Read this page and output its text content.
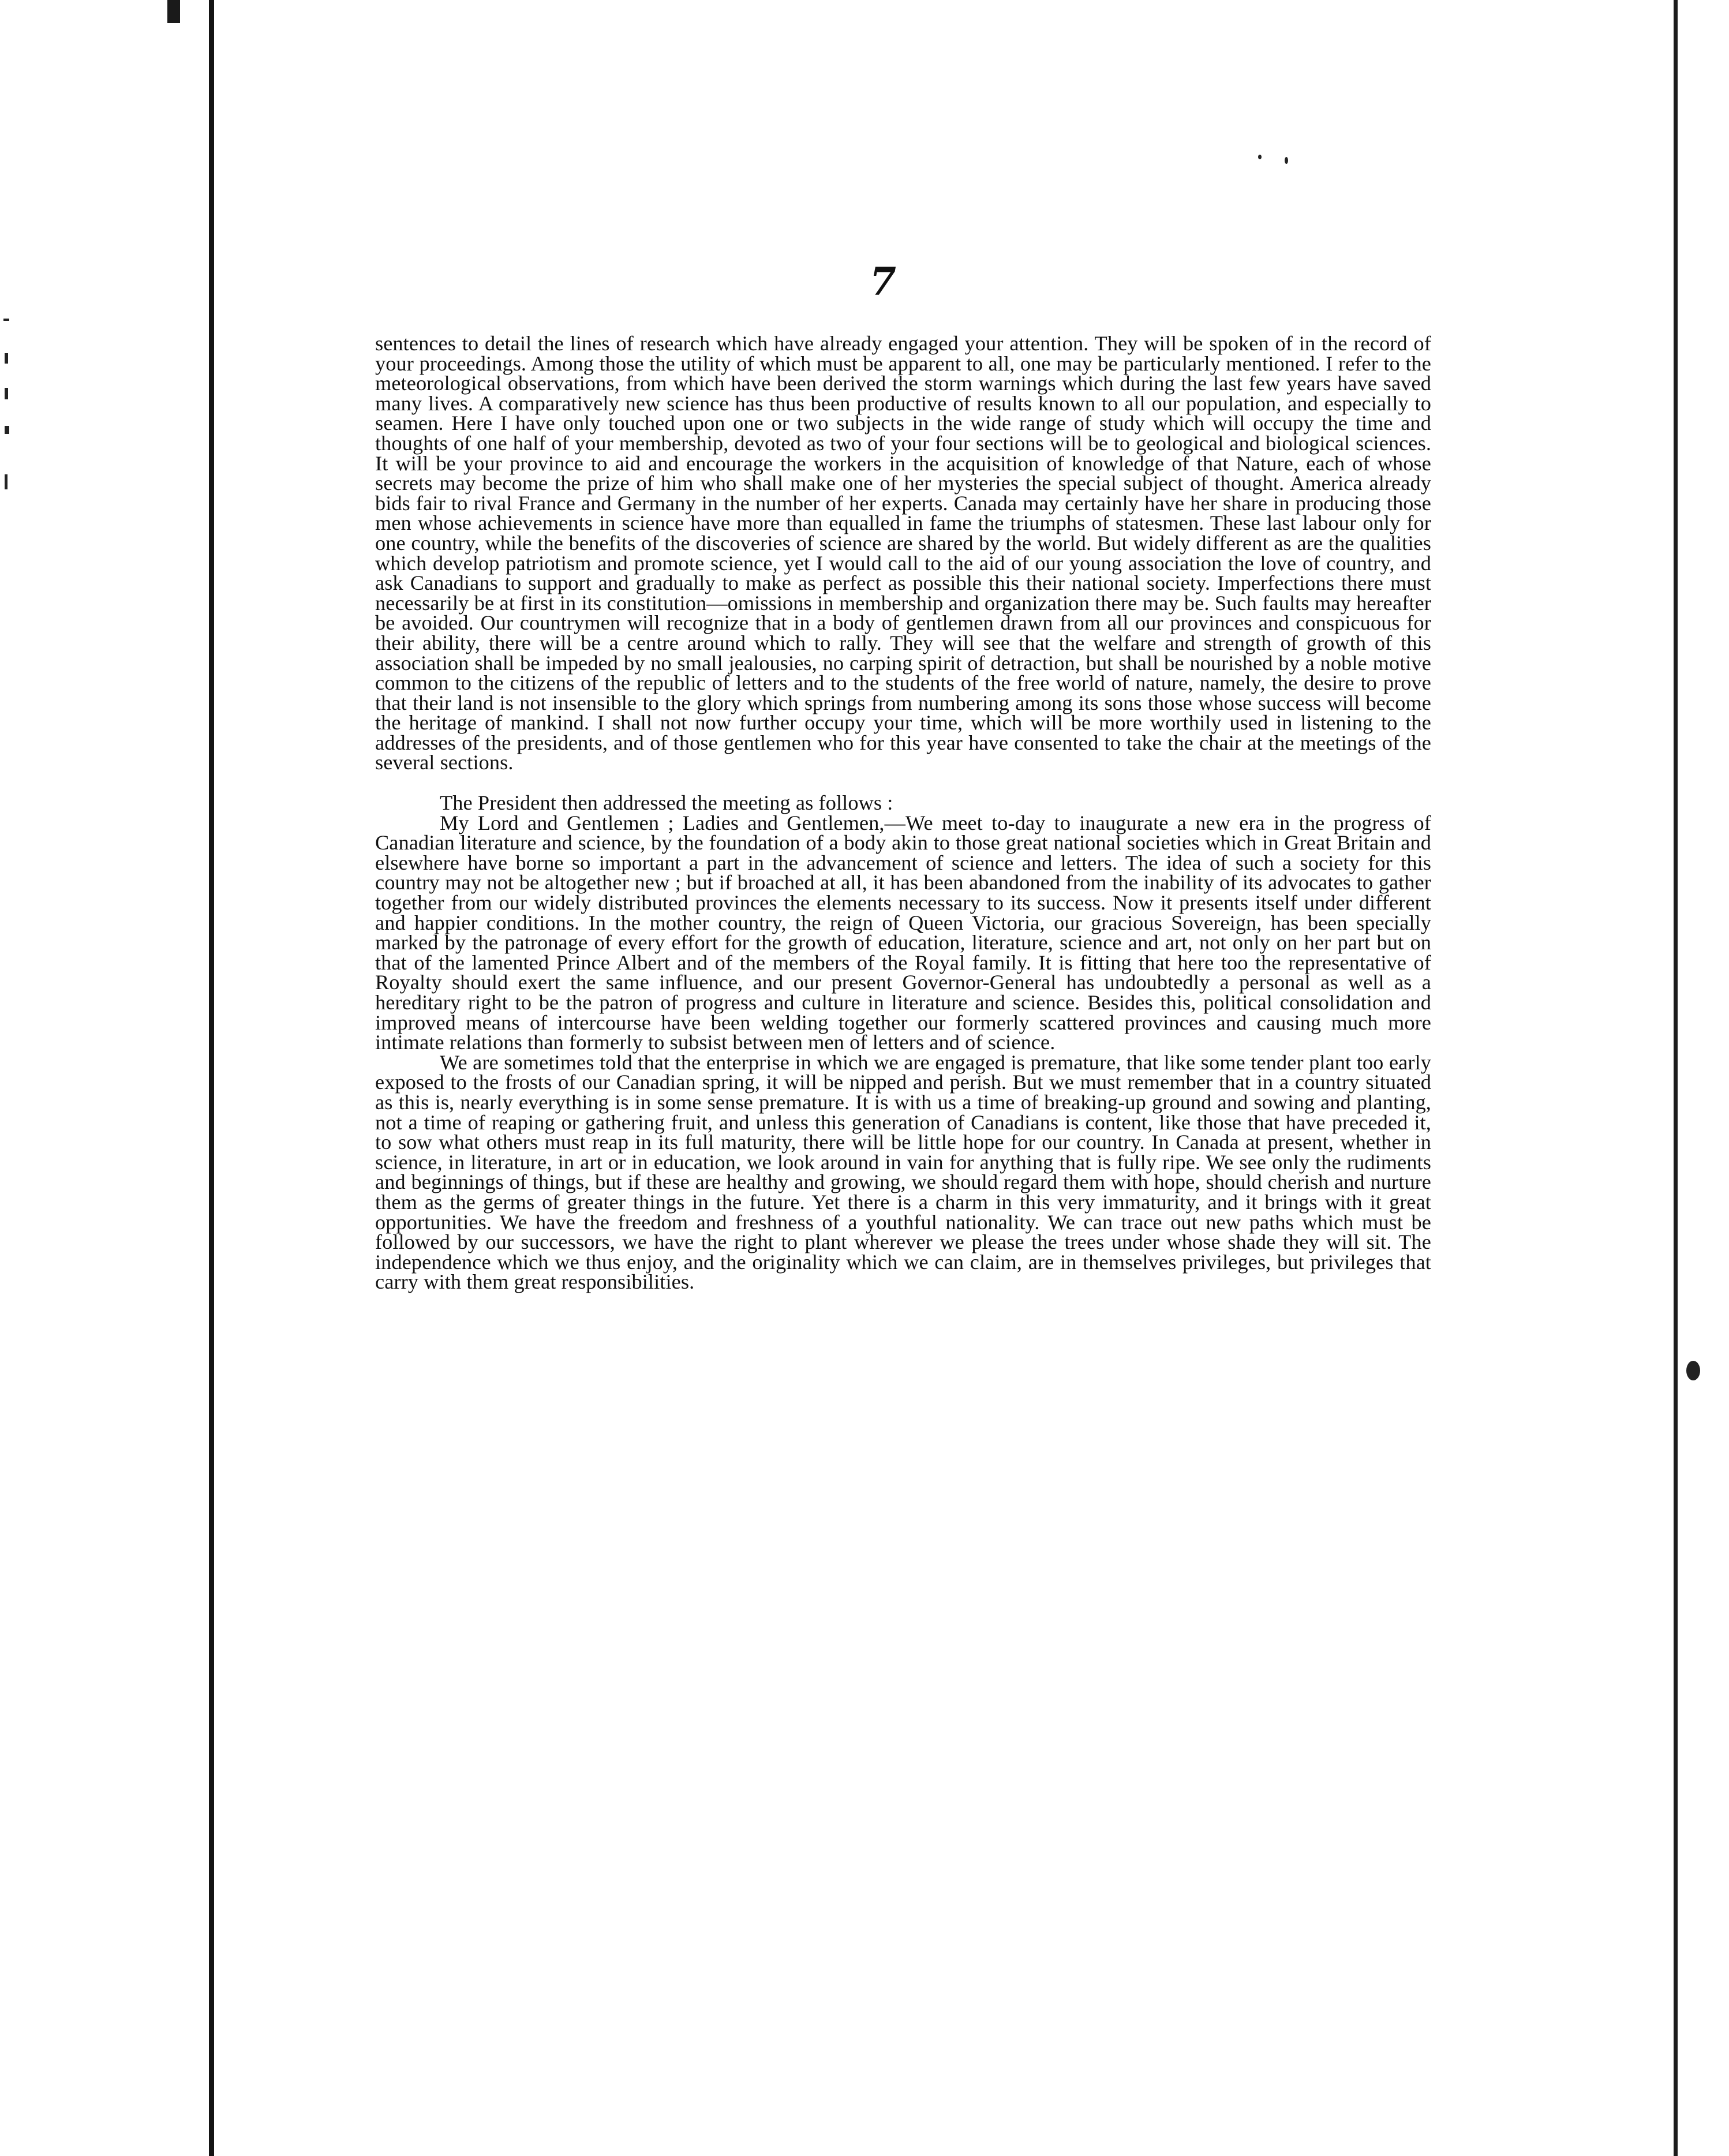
7

sentences to detail the lines of research which have already engaged your attention. They will be spoken of in the record of your proceedings. Among those the utility of which must be apparent to all, one may be particularly mentioned. I refer to the meteorological observations, from which have been derived the storm warnings which during the last few years have saved many lives. A comparatively new science has thus been productive of results known to all our population, and especially to seamen. Here I have only touched upon one or two subjects in the wide range of study which will occupy the time and thoughts of one half of your membership, devoted as two of your four sections will be to geological and biological sciences. It will be your province to aid and encourage the workers in the acquisition of knowledge of that Nature, each of whose secrets may become the prize of him who shall make one of her mysteries the special subject of thought. America already bids fair to rival France and Germany in the number of her experts. Canada may certainly have her share in producing those men whose achievements in science have more than equalled in fame the triumphs of statesmen. These last labour only for one country, while the benefits of the discoveries of science are shared by the world. But widely different as are the qualities which develop patriotism and promote science, yet I would call to the aid of our young association the love of country, and ask Canadians to support and gradually to make as perfect as possible this their national society. Imperfections there must necessarily be at first in its constitution—omissions in membership and organization there may be. Such faults may hereafter be avoided. Our countrymen will recognize that in a body of gentlemen drawn from all our provinces and conspicuous for their ability, there will be a centre around which to rally. They will see that the welfare and strength of growth of this association shall be impeded by no small jealousies, no carping spirit of detraction, but shall be nourished by a noble motive common to the citizens of the republic of letters and to the students of the free world of nature, namely, the desire to prove that their land is not insensible to the glory which springs from numbering among its sons those whose success will become the heritage of mankind. I shall not now further occupy your time, which will be more worthily used in listening to the addresses of the presidents, and of those gentlemen who for this year have consented to take the chair at the meetings of the several sections.

The President then addressed the meeting as follows :

My Lord and Gentlemen ; Ladies and Gentlemen,—We meet to-day to inaugurate a new era in the progress of Canadian literature and science, by the foundation of a body akin to those great national societies which in Great Britain and elsewhere have borne so important a part in the advancement of science and letters. The idea of such a society for this country may not be altogether new ; but if broached at all, it has been abandoned from the inability of its advocates to gather together from our widely distributed provinces the elements necessary to its success. Now it presents itself under different and happier conditions. In the mother country, the reign of Queen Victoria, our gracious Sovereign, has been specially marked by the patronage of every effort for the growth of education, literature, science and art, not only on her part but on that of the lamented Prince Albert and of the members of the Royal family. It is fitting that here too the representative of Royalty should exert the same influence, and our present Governor-General has undoubtedly a personal as well as a hereditary right to be the patron of progress and culture in literature and science. Besides this, political consolidation and improved means of intercourse have been welding together our formerly scattered provinces and causing much more intimate relations than formerly to subsist between men of letters and of science.

We are sometimes told that the enterprise in which we are engaged is premature, that like some tender plant too early exposed to the frosts of our Canadian spring, it will be nipped and perish. But we must remember that in a country situated as this is, nearly everything is in some sense premature. It is with us a time of breaking-up ground and sowing and planting, not a time of reaping or gathering fruit, and unless this generation of Canadians is content, like those that have preceded it, to sow what others must reap in its full maturity, there will be little hope for our country. In Canada at present, whether in science, in literature, in art or in education, we look around in vain for anything that is fully ripe. We see only the rudiments and beginnings of things, but if these are healthy and growing, we should regard them with hope, should cherish and nurture them as the germs of greater things in the future. Yet there is a charm in this very immaturity, and it brings with it great opportunities. We have the freedom and freshness of a youthful nationality. We can trace out new paths which must be followed by our successors, we have the right to plant wherever we please the trees under whose shade they will sit. The independence which we thus enjoy, and the originality which we can claim, are in themselves privileges, but privileges that carry with them great responsibilities.
